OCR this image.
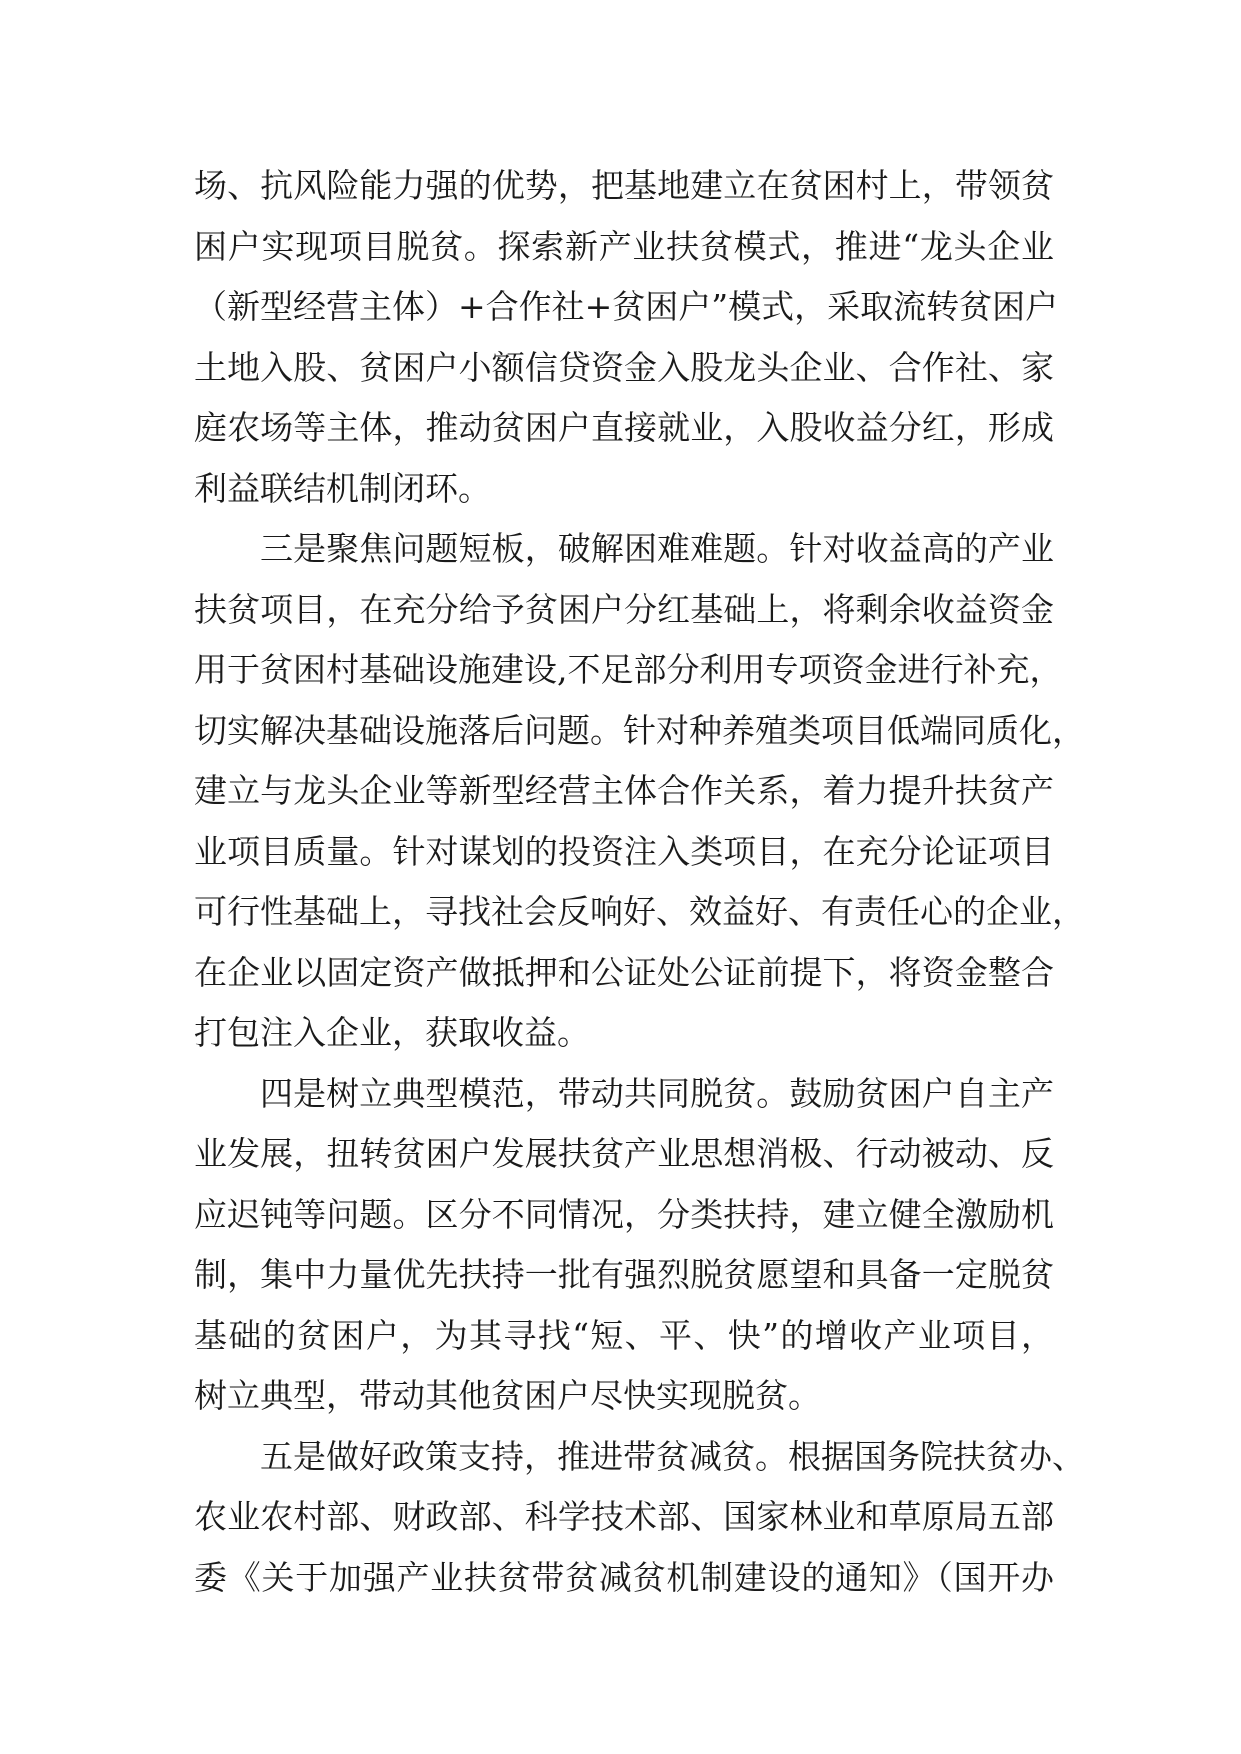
场、抗风险能力强的优势，把基地建立在贫困村上，带领贫
困户实现项目脱贫。探索新产业扶贫模式，推进“龙头企业
（新型经营主体）+合作社+贫困户”模式，采取流转贫困户
土地入股、贫困户小额信贷资金入股龙头企业、合作社、家
庭农场等主体，推动贫困户直接就业，入股收益分红，形成
利益联结机制闭环。
三是聚焦问题短板，破解困难难题。针对收益高的产业
扶贫项目，在充分给予贫困户分红基础上，将剩余收益资金
用于贫困村基础设施建设,不足部分利用专项资金进行补充，
切实解决基础设施落后问题。针对种养殖类项目低端同质化，
建立与龙头企业等新型经营主体合作关系，着力提升扶贫产
业项目质量。针对谋划的投资注入类项目，在充分论证项目
可行性基础上，寻找社会反响好、效益好、有责任心的企业，
在企业以固定资产做抵押和公证处公证前提下，将资金整合
打包注入企业，获取收益。
四是树立典型模范，带动共同脱贫。鼓励贫困户自主产
业发展，扭转贫困户发展扶贫产业思想消极、行动被动、反
应迟钝等问题。区分不同情况，分类扶持，建立健全激励机
制，集中力量优先扶持一批有强烈脱贫愿望和具备一定脱贫
基础的贫困户，为其寻找“短、平、快”的增收产业项目，
树立典型，带动其他贫困户尽快实现脱贫。
五是做好政策支持，推进带贫减贫。根据国务院扶贫办、
农业农村部、财政部、科学技术部、国家林业和草原局五部
委《关于加强产业扶贫带贫减贫机制建设的通知》（国开办
